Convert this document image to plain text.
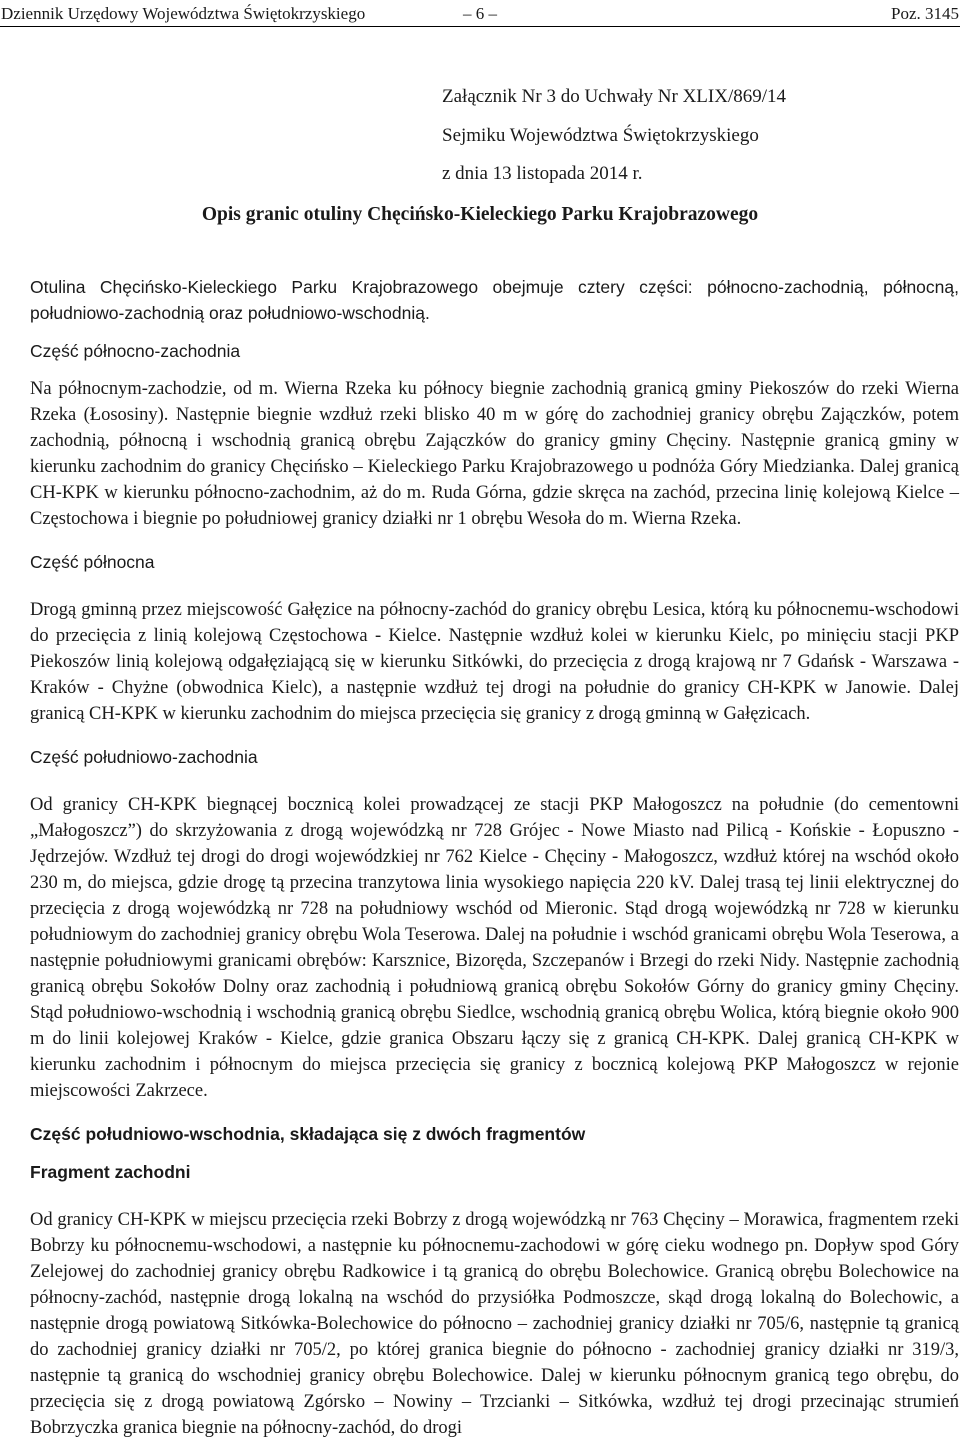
Dziennik Urzędowy Województwa Świętokrzyskiego	– 6 –	Poz. 3145
Załącznik Nr 3 do Uchwały Nr XLIX/869/14
Sejmiku Województwa Świętokrzyskiego
z dnia 13 listopada 2014 r.
Opis granic otuliny Chęcińsko-Kieleckiego Parku Krajobrazowego

Otulina Chęcińsko-Kieleckiego Parku Krajobrazowego obejmuje cztery części: północno-zachodnią, północną, południowo-zachodnią oraz południowo-wschodnią.

Część północno-zachodnia

Na północnym-zachodzie, od m. Wierna Rzeka ku północy biegnie zachodnią granicą gminy Piekoszów do rzeki Wierna Rzeka (Łososiny). Następnie biegnie wzdłuż rzeki blisko 40 m w górę do zachodniej granicy obrębu Zajączków, potem zachodnią, północną i wschodnią granicą obrębu Zajączków do granicy gminy Chęciny. Następnie granicą gminy w kierunku zachodnim do granicy Chęcińsko – Kieleckiego Parku Krajobrazowego u podnóża Góry Miedzianka. Dalej granicą CH-KPK w kierunku północno-zachodnim, aż do m. Ruda Górna, gdzie skręca na zachód, przecina linię kolejową Kielce – Częstochowa i biegnie po południowej granicy działki nr 1 obrębu Wesoła do m. Wierna Rzeka.

Część północna

Drogą gminną przez miejscowość Gałęzice na północny-zachód do granicy obrębu Lesica, którą ku północnemu-wschodowi do przecięcia z linią kolejową Częstochowa - Kielce. Następnie wzdłuż kolei w kierunku Kielc, po minięciu stacji PKP Piekoszów linią kolejową odgałęziającą się w kierunku Sitkówki, do przecięcia z drogą krajową nr 7 Gdańsk - Warszawa - Kraków - Chyżne (obwodnica Kielc), a następnie wzdłuż tej drogi na południe do granicy CH-KPK w Janowie. Dalej granicą CH-KPK w kierunku zachodnim do miejsca przecięcia się granicy z drogą gminną w Gałęzicach.

Część południowo-zachodnia

Od granicy CH-KPK biegnącej bocznicą kolei prowadzącej ze stacji PKP Małogoszcz na południe (do cementowni „Małogoszcz”) do skrzyżowania z drogą wojewódzką nr 728 Grójec - Nowe Miasto nad Pilicą - Końskie - Łopuszno - Jędrzejów. Wzdłuż tej drogi do drogi wojewódzkiej nr 762 Kielce - Chęciny - Małogoszcz, wzdłuż której na wschód około 230 m, do miejsca, gdzie drogę tą przecina tranzytowa linia wysokiego napięcia 220 kV. Dalej trasą tej linii elektrycznej do przecięcia z drogą wojewódzką nr 728 na południowy wschód od Mieronic. Stąd drogą wojewódzką nr 728 w kierunku południowym do zachodniej granicy obrębu Wola Teserowa. Dalej na południe i wschód granicami obrębu Wola Teserowa, a następnie południowymi granicami obrębów: Karsznice, Bizoręda, Szczepanów i Brzegi do rzeki Nidy. Następnie zachodnią granicą obrębu Sokołów Dolny oraz zachodnią i południową granicą obrębu Sokołów Górny do granicy gminy Chęciny. Stąd południowo-wschodnią i wschodnią granicą obrębu Siedlce, wschodnią granicą obrębu Wolica, którą biegnie około 900 m do linii kolejowej Kraków - Kielce, gdzie granica Obszaru łączy się z granicą CH-KPK. Dalej granicą CH-KPK w kierunku zachodnim i północnym do miejsca przecięcia się granicy z bocznicą kolejową PKP Małogoszcz w rejonie miejscowości Zakrzece.

Część południowo-wschodnia, składająca się z dwóch fragmentów
Fragment zachodni

Od granicy CH-KPK w miejscu przecięcia rzeki Bobrzy z drogą wojewódzką nr 763 Chęciny – Morawica, fragmentem rzeki Bobrzy ku północnemu-wschodowi, a następnie ku północnemu-zachodowi w górę cieku wodnego pn. Dopływ spod Góry Zelejowej do zachodniej granicy obrębu Radkowice i tą granicą do obrębu Bolechowice. Granicą obrębu Bolechowice na północny-zachód, następnie drogą lokalną na wschód do przysiółka Podmoszcze, skąd drogą lokalną do Bolechowic, a następnie drogą powiatową Sitkówka-Bolechowice do północno – zachodniej granicy działki nr 705/6, następnie tą granicą do zachodniej granicy działki nr 705/2, po której granica biegnie do północno - zachodniej granicy działki nr 319/3, następnie tą granicą do wschodniej granicy obrębu Bolechowice. Dalej w kierunku północnym granicą tego obrębu, do przecięcia się z drogą powiatową Zgórsko – Nowiny – Trzcianki – Sitkówka, wzdłuż tej drogi przecinając strumień Bobrzyczka granica biegnie na północny-zachód, do drogi
